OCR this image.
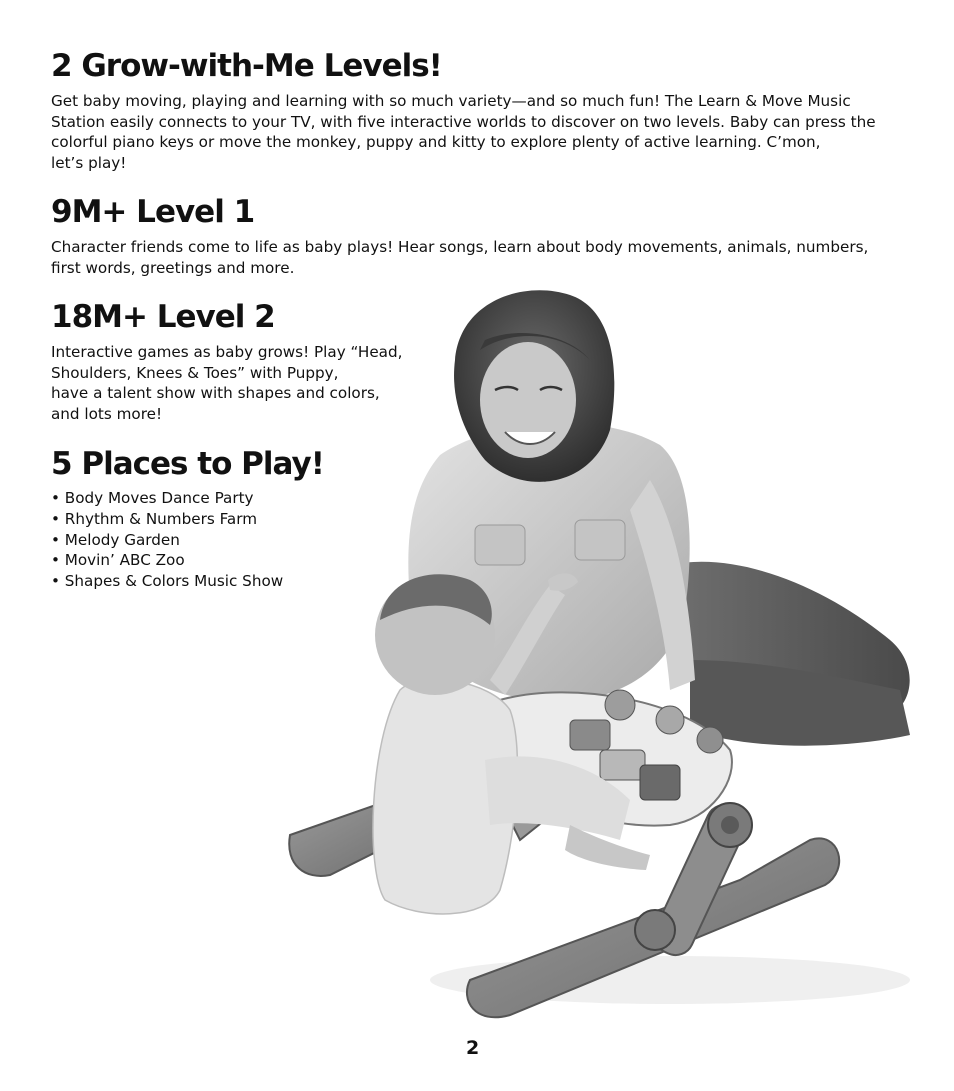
2 Grow-with-Me Levels!

Get baby moving, playing and learning with so much variety—and so much fun! The Learn & Move Music
Station easily connects to your TV, with five interactive worlds to discover on two levels. Baby can press the
colorful piano keys or move the monkey, puppy and kitty to explore plenty of active learning. C’mon,
let’s play!

9M+ Level 1

Character friends come to life as baby plays! Hear songs, learn about body movements, animals, numbers,
first words, greetings and more.

18M+ Level 2

Interactive games as baby grows! Play “Head,
Shoulders, Knees & Toes” with Puppy,
have a talent show with shapes and colors,
and lots more!

5 Places to Play!
• Body Moves Dance Party
• Rhythm & Numbers Farm
• Melody Garden
• Movin’ ABC Zoo
• Shapes & Colors Music Show
2
